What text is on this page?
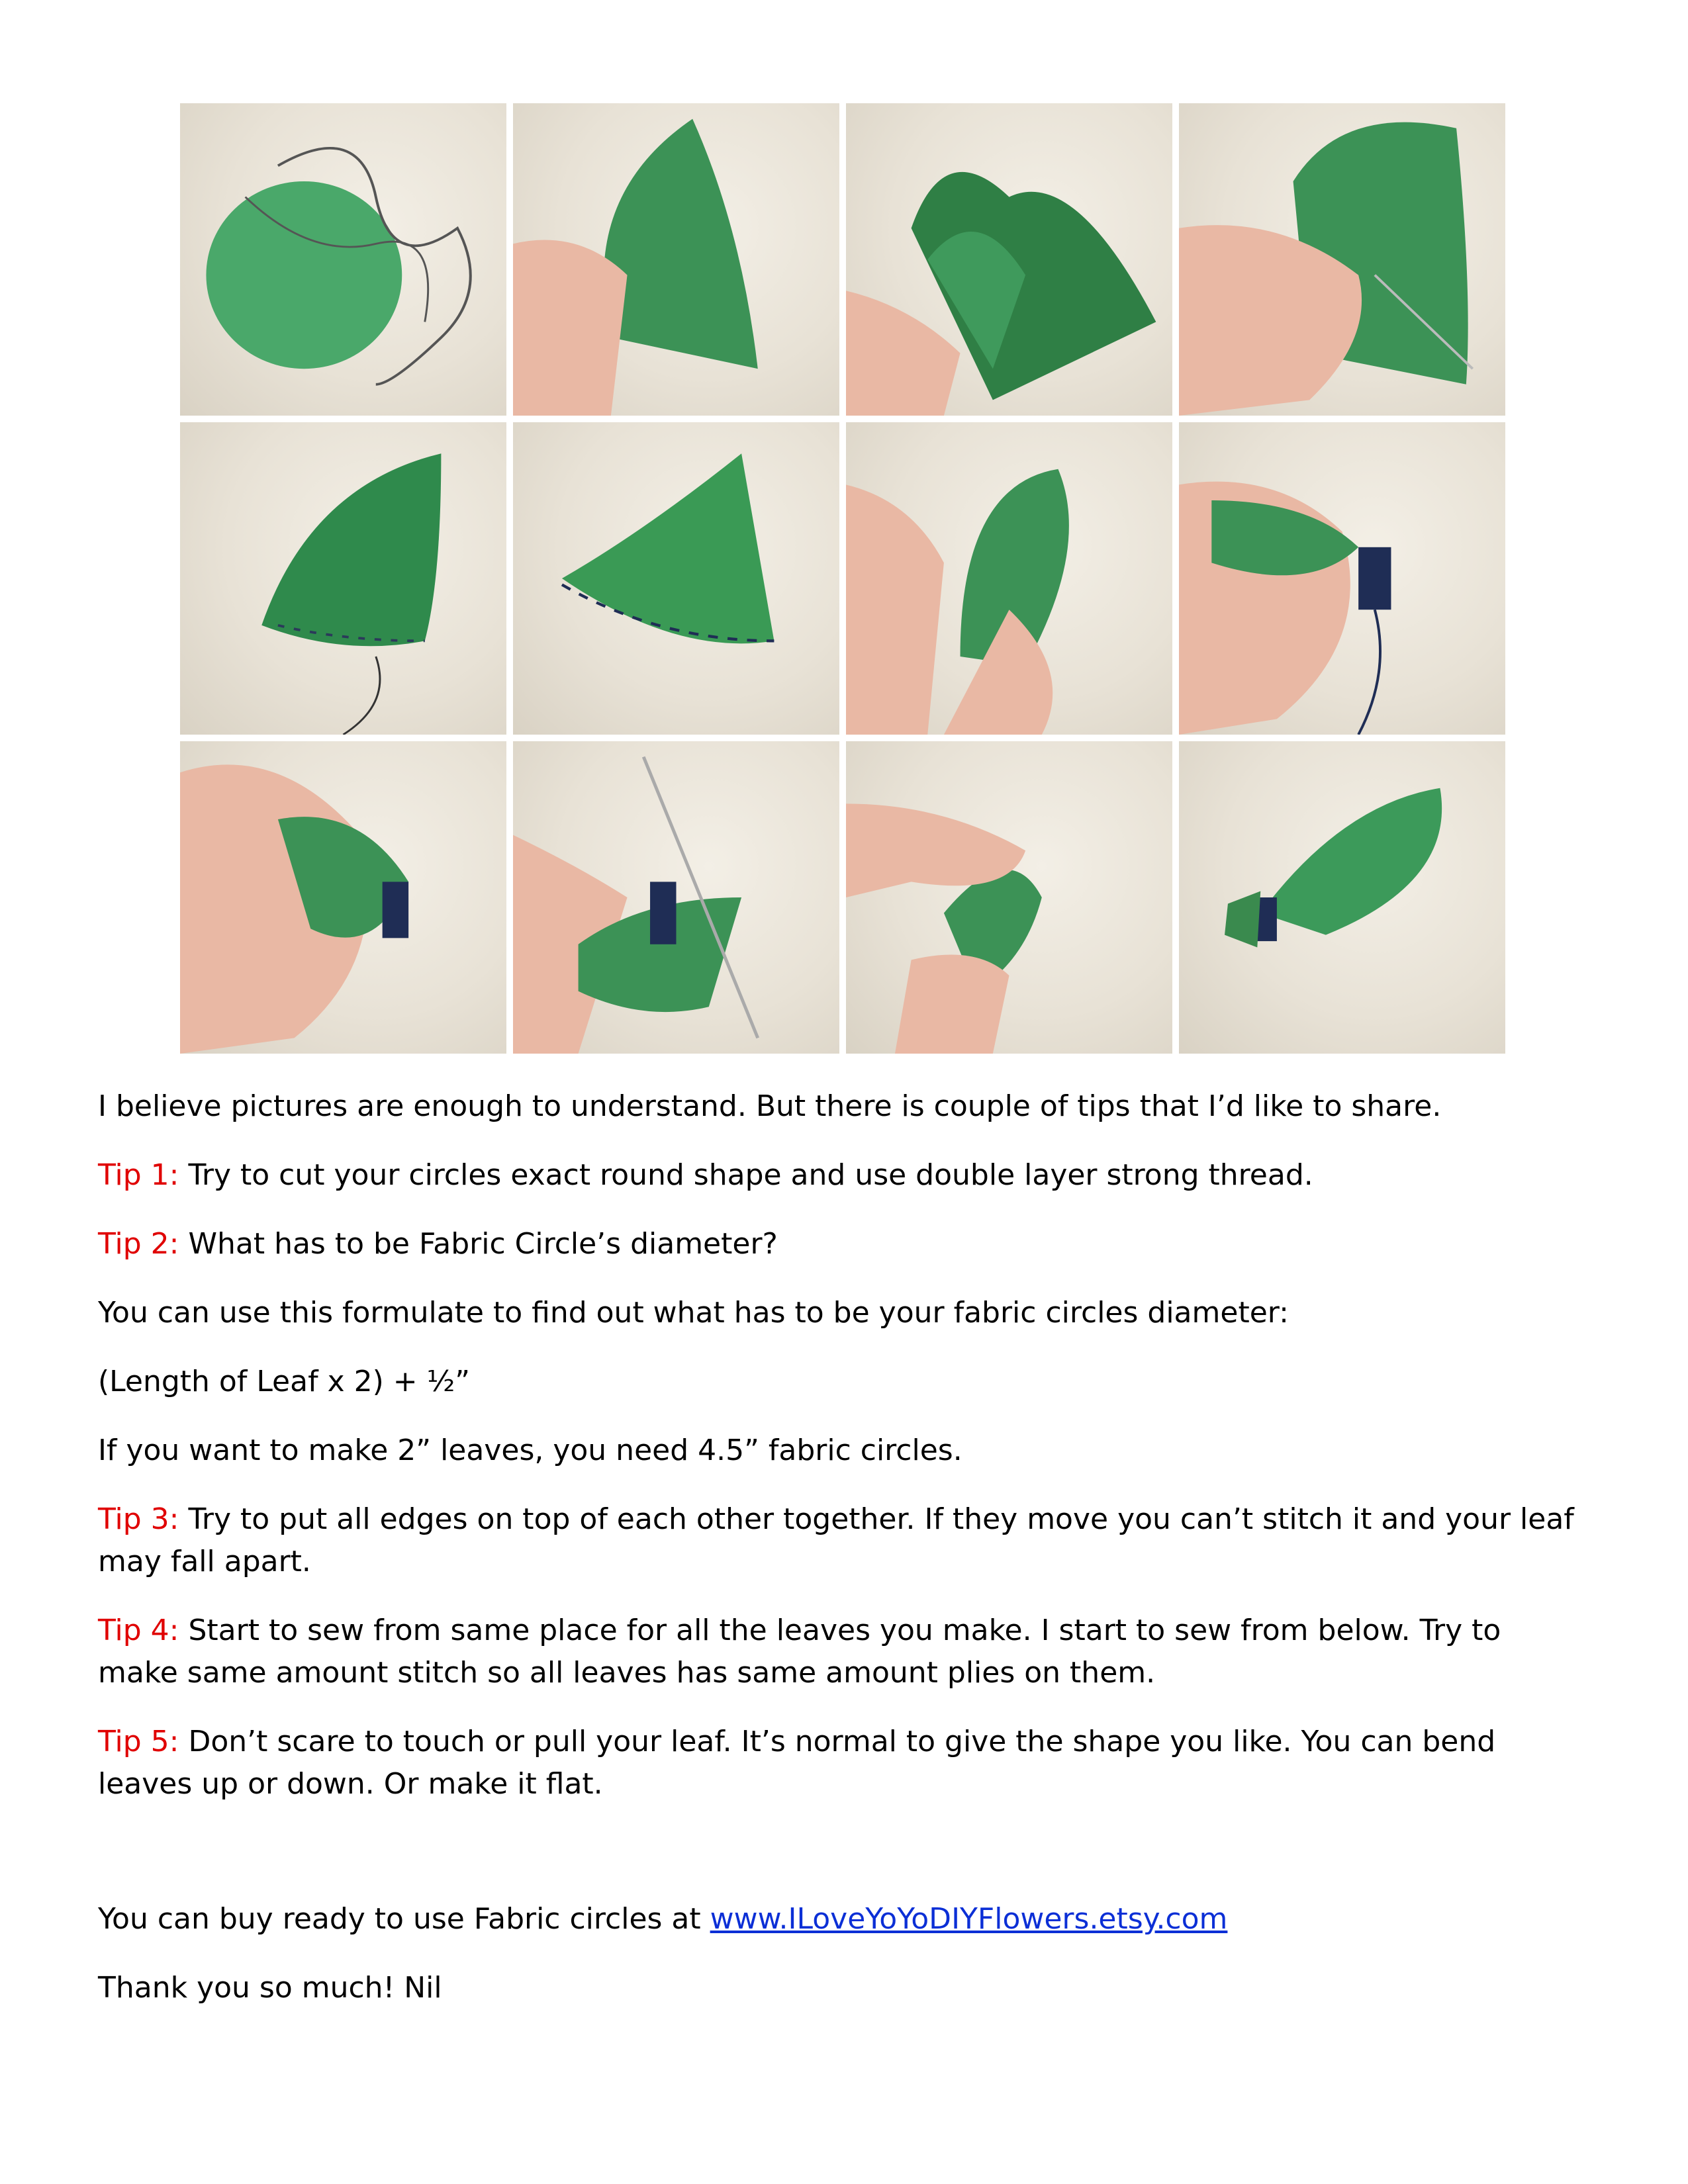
I believe pictures are enough to understand. But there is couple of tips that I’d like to share.

Tip 1: Try to cut your circles exact round shape and use double layer strong thread.

Tip 2: What has to be Fabric Circle’s diameter?

You can use this formulate to find out what has to be your fabric circles diameter:

(Length of Leaf x 2) + ½”

If you want to make 2” leaves, you need 4.5” fabric circles.

Tip 3: Try to put all edges on top of each other together. If they move you can’t stitch it and your leaf may fall apart.

Tip 4: Start to sew from same place for all the leaves you make. I start to sew from below. Try to make same amount stitch so all leaves has same amount plies on them.

Tip 5: Don’t scare to touch or pull your leaf. It’s normal to give the shape you like. You can bend leaves up or down. Or make it flat.

You can buy ready to use Fabric circles at www.ILoveYoYoDIYFlowers.etsy.com

Thank you so much! Nil
